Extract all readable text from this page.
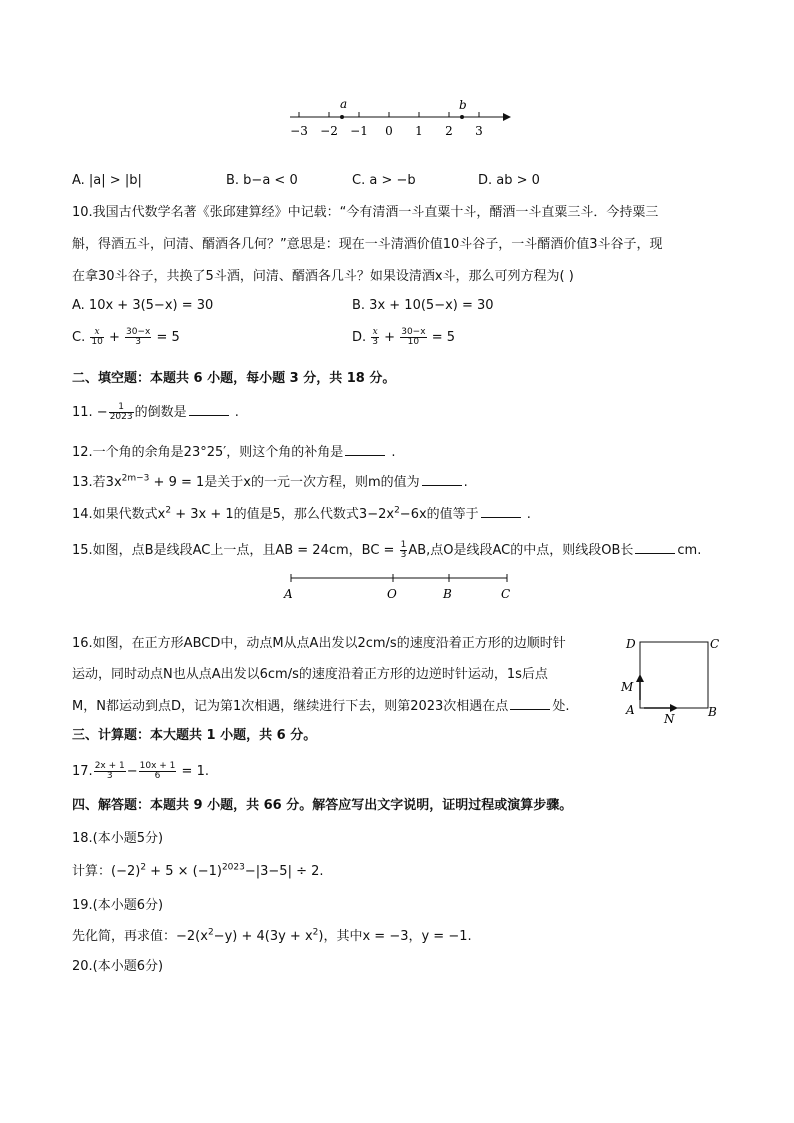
−3 −2 −1 0 1 2 3
a	b
A. |a| > |b|	B. b−a < 0	C. a > −b	D. ab > 0
10.我国古代数学名著《张邱建算经》中记载：“今有清酒一斗直粟十斗，醑酒一斗直粟三斗．今持粟三
斛，得酒五斗，问清、醑酒各几何？”意思是：现在一斗清酒价值10斗谷子，一斗醑酒价值3斗谷子，现
在拿30斗谷子，共换了5斗酒，问清、醑酒各几斗？如果设清酒x斗，那么可列方程为( )
A. 10x + 3(5−x) = 30	B. 3x + 10(5−x) = 30
C. $\frac{x}{10} + \frac{30-x}{3} = 5$	D. $\frac{x}{3} + \frac{30-x}{10} = 5$
二、填空题：本题共 6 小题，每小题 3 分，共 18 分。
11. − $\frac{1}{2023}$ 的倒数是	.
12.一个角的余角是23°25′，则这个角的补角是	.
13.若$3x^{2m-3} + 9 = 1$是关于x的一元一次方程，则m的值为	.
14.如果代数式$x^2 + 3x + 1$的值是5，那么代数式$3-2x^2-6x$的值等于	.
15.如图，点B是线段AC上一点，且AB = 24cm，BC = $\frac{1}{3}$ AB,点O是线段AC的中点，则线段OB长	cm.
A	O	B	C
16.如图，在正方形ABCD中，动点M从点A出发以2cm/s的速度沿着正方形的边顺时针
运动，同时动点N也从点A出发以6cm/s的速度沿着正方形的边逆时针运动，1s后点
M，N都运动到点D，记为第1次相遇，继续进行下去，则第2023次相遇在点	处.
D	C
M
A	B
N
三、计算题：本大题共 1 小题，共 6 分。
17. $\frac{2x + 1}{3} - \frac{10x + 1}{6} = 1$.
四、解答题：本题共 9 小题，共 66 分。解答应写出文字说明，证明过程或演算步骤。
18.(本小题5分)
计算：$(-2)^2 + 5 \times (-1)^{2023}-|3-5| \div 2$.
19.(本小题6分)
先化简，再求值：$-2(x^2-y) + 4(3y + x^2)$，其中x = −3，y = −1.
20.(本小题6分)
